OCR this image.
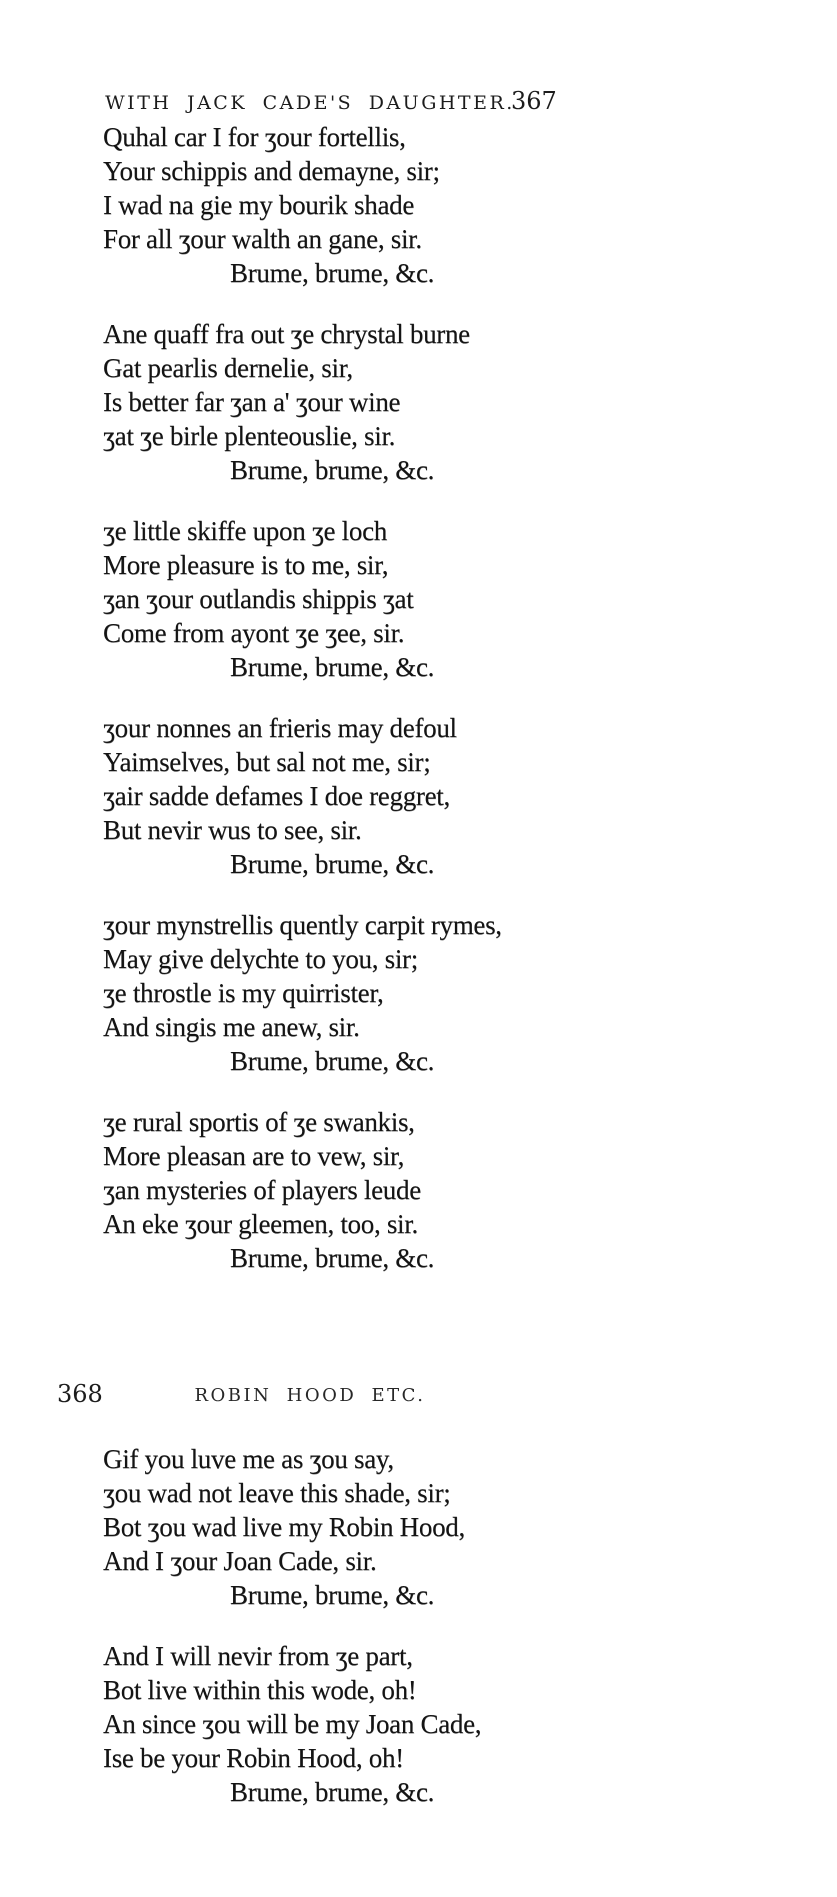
WITH JACK CADE'S DAUGHTER.
367
Quhal car I for ʒour fortellis,
Your schippis and demayne, sir;
I wad na gie my bourik shade
For all ʒour walth an gane, sir.
Brume, brume, &c.
Ane quaff fra out ʒe chrystal burne
Gat pearlis dernelie, sir,
Is better far ʒan a' ʒour wine
ʒat ʒe birle plenteouslie, sir.
Brume, brume, &c.
ʒe little skiffe upon ʒe loch
More pleasure is to me, sir,
ʒan ʒour outlandis shippis ʒat
Come from ayont ʒe ʒee, sir.
Brume, brume, &c.
ʒour nonnes an frieris may defoul
Yaimselves, but sal not me, sir;
ʒair sadde defames I doe reggret,
But nevir wus to see, sir.
Brume, brume, &c.
ʒour mynstrellis quently carpit rymes,
May give delychte to you, sir;
ʒe throstle is my quirrister,
And singis me anew, sir.
Brume, brume, &c.
ʒe rural sportis of ʒe swankis,
More pleasan are to vew, sir,
ʒan mysteries of players leude
An eke ʒour gleemen, too, sir.
Brume, brume, &c.
368	ROBIN HOOD ETC.
Gif you luve me as ʒou say,
ʒou wad not leave this shade, sir;
Bot ʒou wad live my Robin Hood,
And I ʒour Joan Cade, sir.
Brume, brume, &c.
And I will nevir from ʒe part,
Bot live within this wode, oh!
An since ʒou will be my Joan Cade,
Ise be your Robin Hood, oh!
Brume, brume, &c.
